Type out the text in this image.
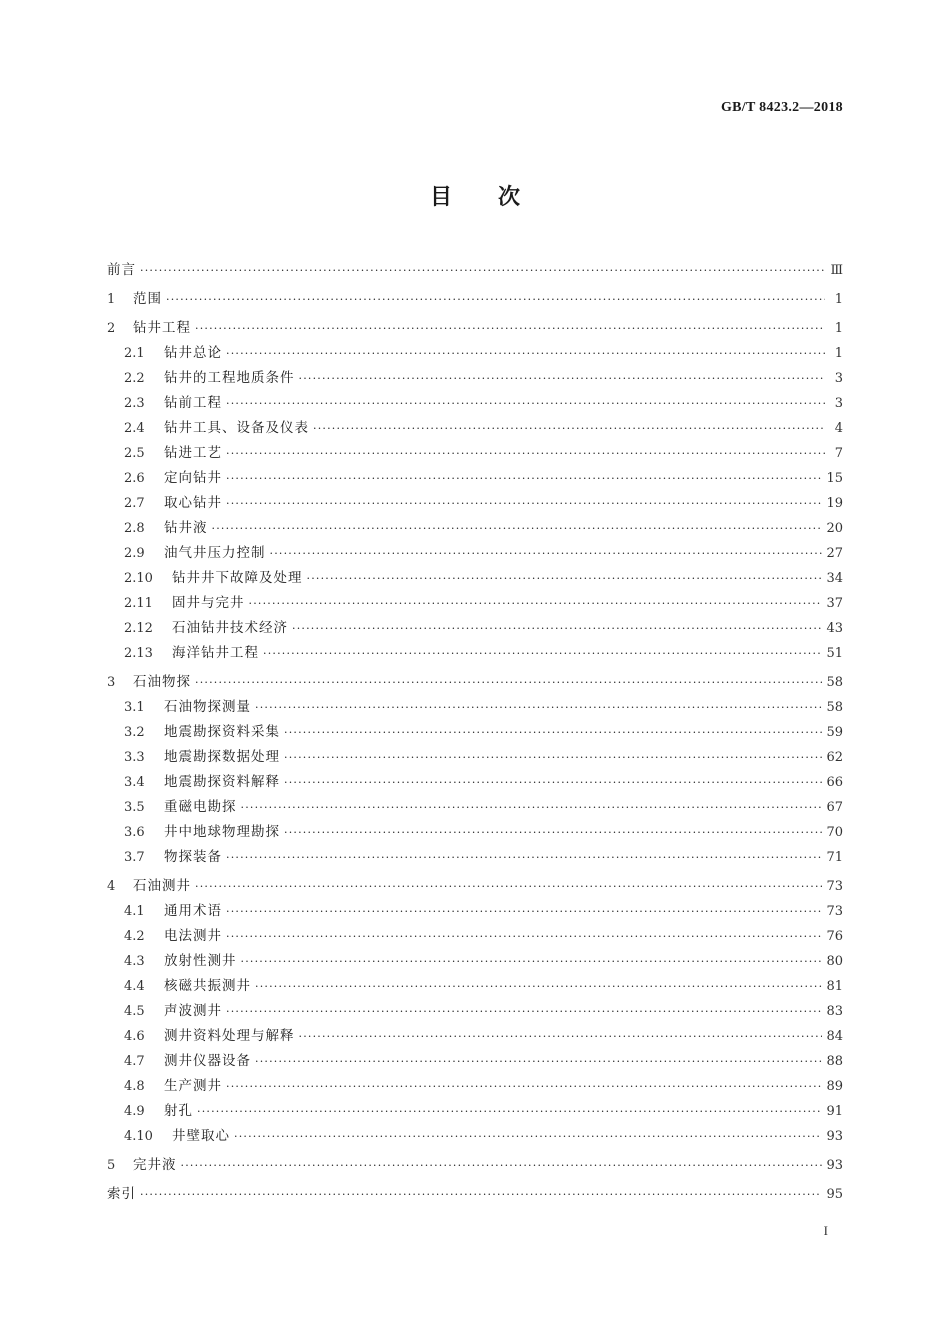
GB/T 8423.2—2018
目 次
前言 ·····	Ⅲ
1	范围 ·····	1
2	钻井工程 ·····	1
2.1	钻井总论 ·····	1
2.2	钻井的工程地质条件 ·····	3
2.3	钻前工程 ·····	3
2.4	钻井工具、设备及仪表 ·····	4
2.5	钻进工艺 ·····	7
2.6	定向钻井 ·····	15
2.7	取心钻井 ·····	19
2.8	钻井液 ·····	20
2.9	油气井压力控制 ·····	27
2.10	钻井井下故障及处理 ·····	34
2.11	固井与完井 ·····	37
2.12	石油钻井技术经济 ·····	43
2.13	海洋钻井工程 ·····	51
3	石油物探 ·····	58
3.1	石油物探测量 ·····	58
3.2	地震勘探资料采集 ·····	59
3.3	地震勘探数据处理 ·····	62
3.4	地震勘探资料解释 ·····	66
3.5	重磁电勘探 ·····	67
3.6	井中地球物理勘探 ·····	70
3.7	物探装备 ·····	71
4	石油测井 ·····	73
4.1	通用术语 ·····	73
4.2	电法测井 ·····	76
4.3	放射性测井 ·····	80
4.4	核磁共振测井 ·····	81
4.5	声波测井 ·····	83
4.6	测井资料处理与解释 ·····	84
4.7	测井仪器设备 ·····	88
4.8	生产测井 ·····	89
4.9	射孔 ·····	91
4.10	井壁取心 ·····	93
5	完井液 ·····	93
索引 ·····	95
I
